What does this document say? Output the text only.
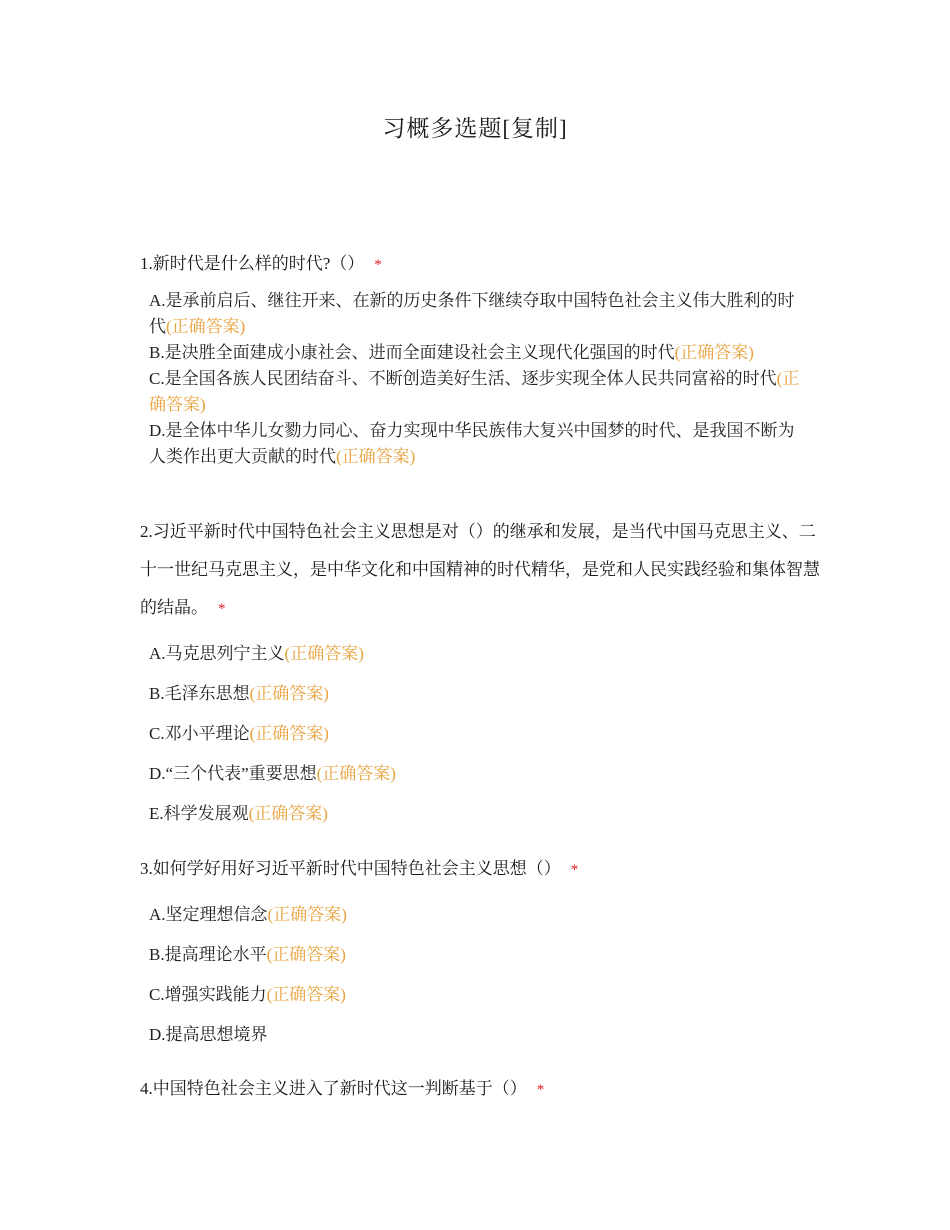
习概多选题[复制]
1.新时代是什么样的时代?（） *
A.是承前启后、继往开来、在新的历史条件下继续夺取中国特色社会主义伟大胜利的时代(正确答案)
B.是决胜全面建成小康社会、进而全面建设社会主义现代化强国的时代(正确答案)
C.是全国各族人民团结奋斗、不断创造美好生活、逐步实现全体人民共同富裕的时代(正确答案)
D.是全体中华儿女勠力同心、奋力实现中华民族伟大复兴中国梦的时代、是我国不断为人类作出更大贡献的时代(正确答案)
2.习近平新时代中国特色社会主义思想是对（）的继承和发展，是当代中国马克思主义、二十一世纪马克思主义，是中华文化和中国精神的时代精华，是党和人民实践经验和集体智慧的结晶。 *
A.马克思列宁主义(正确答案)
B.毛泽东思想(正确答案)
C.邓小平理论(正确答案)
D.“三个代表”重要思想(正确答案)
E.科学发展观(正确答案)
3.如何学好用好习近平新时代中国特色社会主义思想（） *
A.坚定理想信念(正确答案)
B.提高理论水平(正确答案)
C.增强实践能力(正确答案)
D.提高思想境界
4.中国特色社会主义进入了新时代这一判断基于（） *
